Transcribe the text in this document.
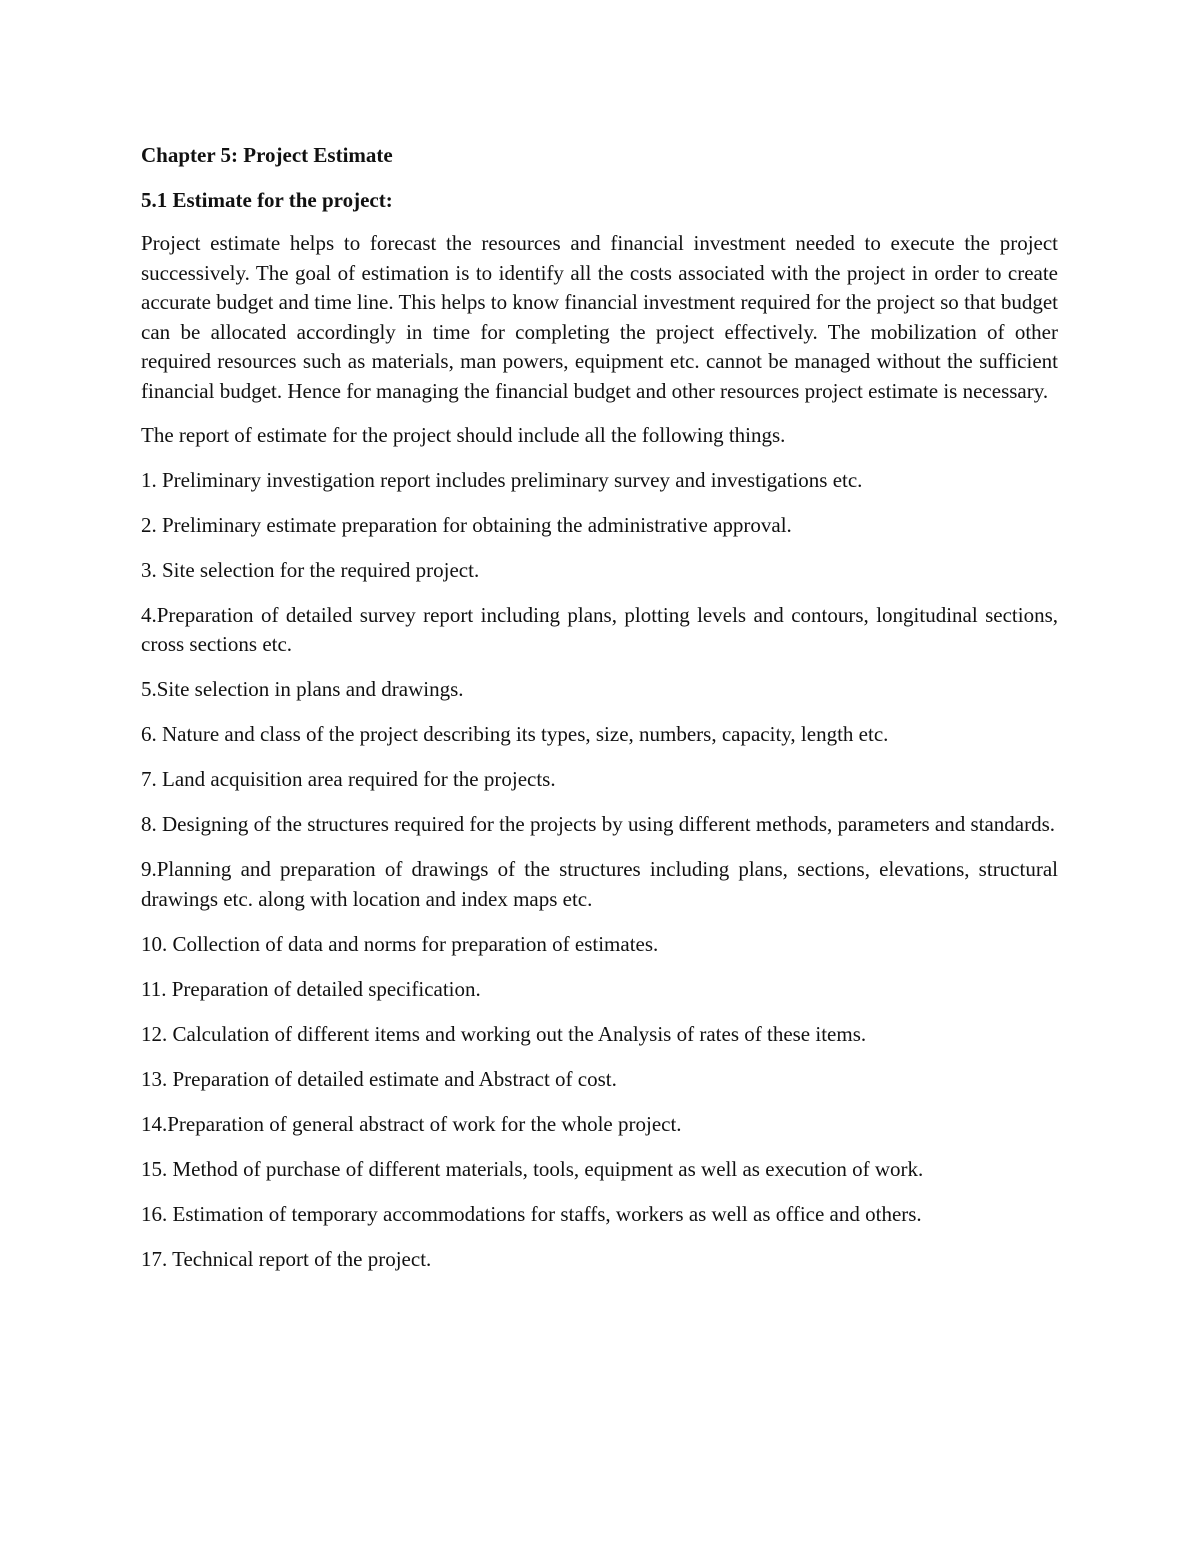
Chapter 5: Project Estimate
5.1 Estimate for the project:

Project estimate helps to forecast the resources and financial investment needed to execute the project successively. The goal of estimation is to identify all the costs associated with the project in order to create accurate budget and time line. This helps to know financial investment required for the project so that budget can be allocated accordingly in time for completing the project effectively. The mobilization of other required resources such as materials, man powers, equipment etc. cannot be managed without the sufficient financial budget. Hence for managing the financial budget and other resources project estimate is necessary.

The report of estimate for the project should include all the following things.

1. Preliminary investigation report includes preliminary survey and investigations etc.

2. Preliminary estimate preparation for obtaining the administrative approval.

3. Site selection for the required project.

4.Preparation of detailed survey report including plans, plotting levels and contours, longitudinal sections, cross sections etc.

5.Site selection in plans and drawings.

6. Nature and class of the project describing its types, size, numbers, capacity, length etc.

7. Land acquisition area required for the projects.

8. Designing of the structures required for the projects by using different methods, parameters and standards.

9.Planning and preparation of drawings of the structures including plans, sections, elevations, structural drawings etc. along with location and index maps etc.

10. Collection of data and norms for preparation of estimates.

11. Preparation of detailed specification.

12. Calculation of different items and working out the Analysis of rates of these items.

13. Preparation of detailed estimate and Abstract of cost.

14.Preparation of general abstract of work for the whole project.

15. Method of purchase of different materials, tools, equipment as well as execution of work.

16. Estimation of temporary accommodations for staffs, workers as well as office and others.

17. Technical report of the project.
